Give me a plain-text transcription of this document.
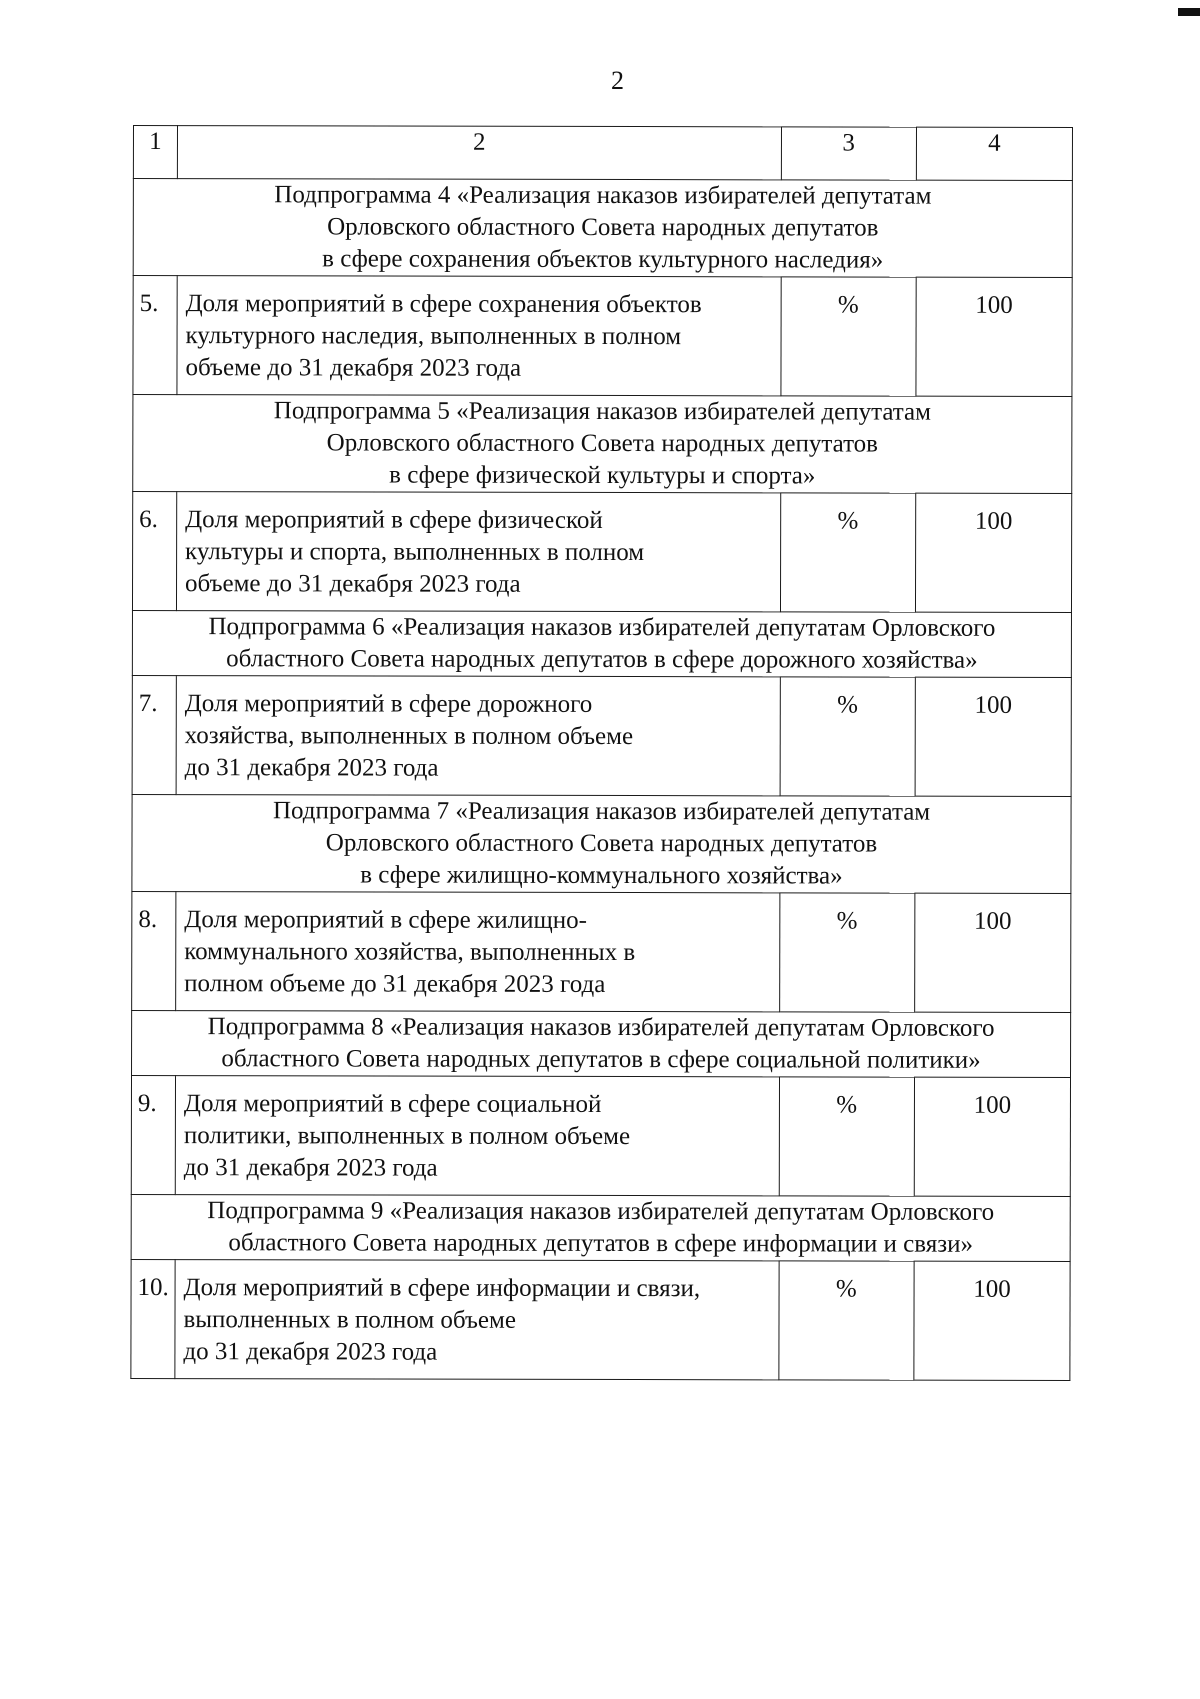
2
1	2	3	4

Подпрограмма 4 «Реализация наказов избирателей депутатам
Орловского областного Совета народных депутатов
в сфере сохранения объектов культурного наследия»			

5.	Доля мероприятий в сфере сохранения объектов
культурного наследия, выполненных в полном
объеме до 31 декабря 2023 года	%	100

Подпрограмма 5 «Реализация наказов избирателей депутатам
Орловского областного Совета народных депутатов
в сфере физической культуры и спорта»			

6.	Доля мероприятий в сфере физической
культуры и спорта, выполненных в полном
объеме до 31 декабря 2023 года	%	100

Подпрограмма 6 «Реализация наказов избирателей депутатам Орловского
областного Совета народных депутатов в сфере дорожного хозяйства»			

7.	Доля мероприятий в сфере дорожного
хозяйства, выполненных в полном объеме
до 31 декабря 2023 года	%	100

Подпрограмма 7 «Реализация наказов избирателей депутатам
Орловского областного Совета народных депутатов
в сфере жилищно-коммунального хозяйства»			

8.	Доля мероприятий в сфере жилищно-
коммунального хозяйства, выполненных в
полном объеме до 31 декабря 2023 года	%	100

Подпрограмма 8 «Реализация наказов избирателей депутатам Орловского
областного Совета народных депутатов в сфере социальной политики»			

9.	Доля мероприятий в сфере социальной
политики, выполненных в полном объеме
до 31 декабря 2023 года	%	100

Подпрограмма 9 «Реализация наказов избирателей депутатам Орловского
областного Совета народных депутатов в сфере информации и связи»			

10.	Доля мероприятий в сфере информации и связи,
выполненных в полном объеме
до 31 декабря 2023 года	%	100
